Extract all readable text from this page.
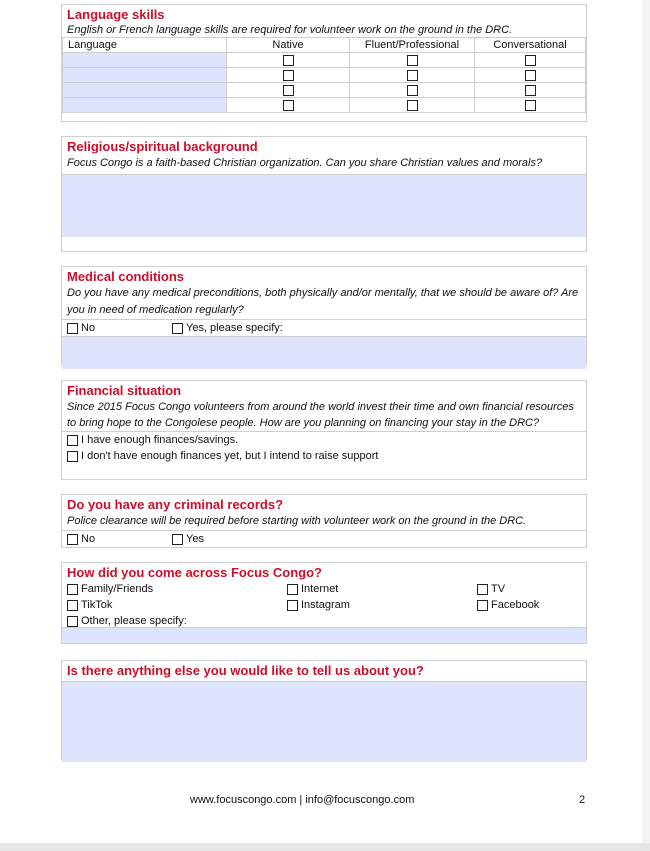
Language skills
English or French language skills are required for volunteer work on the ground in the DRC.
Language	Native	Fluent/Professional	Conversational

Religious/spiritual background
Focus Congo is a faith-based Christian organization. Can you share Christian values and morals?
Medical conditions
Do you have any medical preconditions, both physically and/or mentally, that we should be aware of? Are you in need of medication regularly?
No	Yes, please specify:
Financial situation
Since 2015 Focus Congo volunteers from around the world invest their time and own financial resources to bring hope to the Congolese people. How are you planning on financing your stay in the DRC?
I have enough finances/savings.
I don't have enough finances yet, but I intend to raise support
Do you have any criminal records?
Police clearance will be required before starting with volunteer work on the ground in the DRC.
No	Yes
How did you come across Focus Congo?
Family/Friends
TikTok
Other, please specify:
Internet
Instagram
TV
Facebook
Is there anything else you would like to tell us about you?
www.focuscongo.com | info@focuscongo.com	2
